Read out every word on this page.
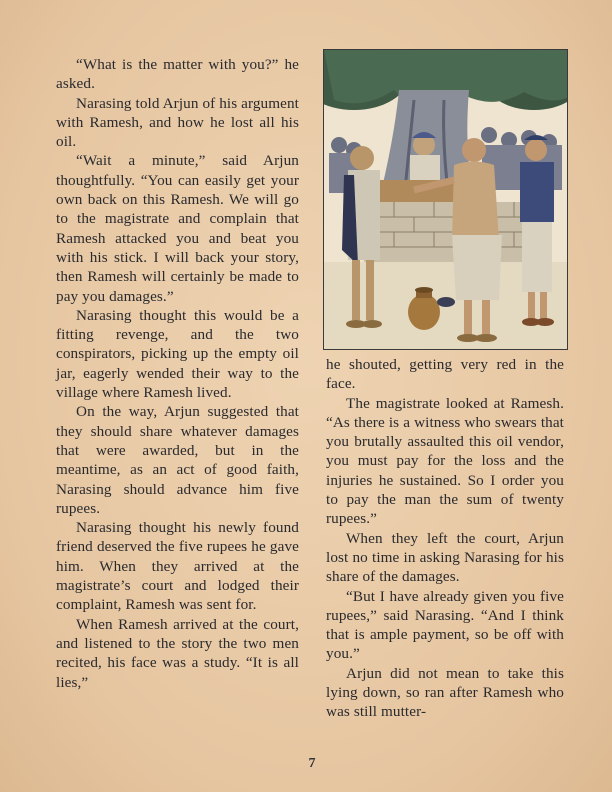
“What is the matter with you?” he asked.

Narasing told Arjun of his argument with Ramesh, and how he lost all his oil.

“Wait a minute,” said Arjun thoughtfully. “You can easily get your own back on this Ramesh. We will go to the magistrate and complain that Ramesh attacked you and beat you with his stick. I will back your story, then Ramesh will certainly be made to pay you damages.”

Narasing thought this would be a fitting revenge, and the two conspirators, picking up the empty oil jar, eagerly wended their way to the village where Ramesh lived.

On the way, Arjun suggested that they should share whatever damages that were awarded, but in the meantime, as an act of good faith, Narasing should advance him five rupees.

Narasing thought his newly found friend deserved the five rupees he gave him. When they arrived at the magistrate’s court and lodged their complaint, Ramesh was sent for.

When Ramesh arrived at the court, and listened to the story the two men recited, his face was a study. “It is all lies,”

he shouted, getting very red in the face.

The magistrate looked at Ramesh. “As there is a witness who swears that you brutally assaulted this oil vendor, you must pay for the loss and the injuries he sustained. So I order you to pay the man the sum of twenty rupees.”

When they left the court, Arjun lost no time in asking Narasing for his share of the damages.

“But I have already given you five rupees,” said Narasing. “And I think that is ample payment, so be off with you.”

Arjun did not mean to take this lying down, so ran after Ramesh who was still mutter-

7
